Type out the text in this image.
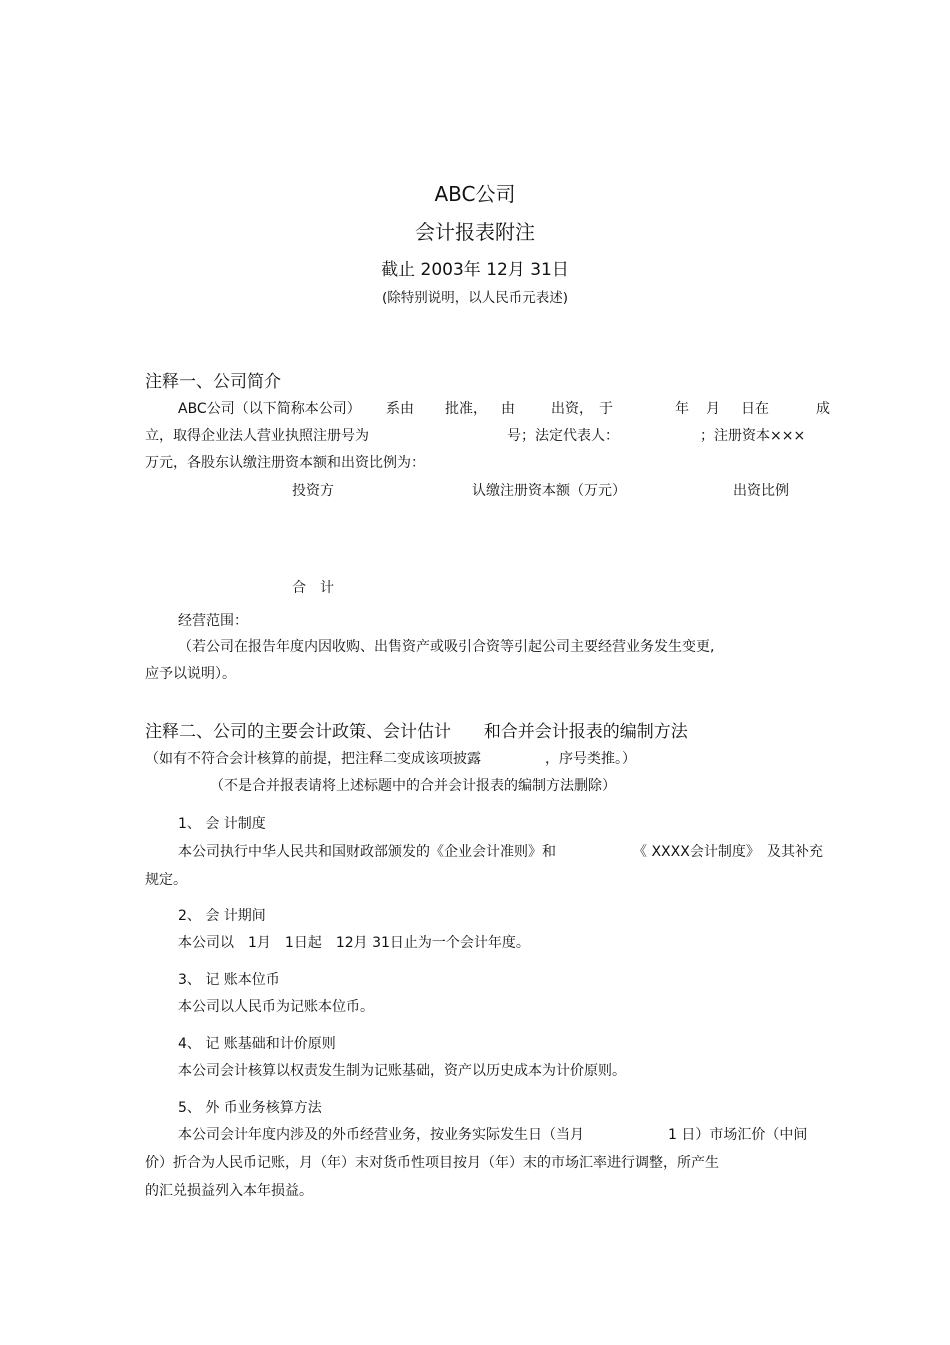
ABC公司
会计报表附注
截止 2003年 12月 31日
(除特别说明，以人民币元表述)
注释一、公司简介
ABC公司（以下简称本公司） 系由 批准， 由	出资， 于	年 月 日在	成
立，取得企业法人营业执照注册号为	号；法定代表人：	；注册资本×××
万元，各股东认缴注册资本额和出资比例为：
投资方	认缴注册资本额（万元）	出资比例
合　计
经营范围：
（若公司在报告年度内因收购、出售资产或吸引合资等引起公司主要经营业务发生变更,
应予以说明）。
注释二、公司的主要会计政策、会计估计 和合并会计报表的编制方法
（如有不符合会计核算的前提，把注释二变成该项披露	，序号类推。）
（不是合并报表请将上述标题中的合并会计报表的编制方法删除）
1、 会 计制度
本公司执行中华人民共和国财政部颁发的《企业会计准则》和	《 XXXX会计制度》 及其补充
规定。
2、 会 计期间
本公司以　1月　1日起　12月 31日止为一个会计年度。
3、 记 账本位币
本公司以人民币为记账本位币。
4、 记 账基础和计价原则
本公司会计核算以权责发生制为记账基础，资产以历史成本为计价原则。
5、 外 币业务核算方法
本公司会计年度内涉及的外币经营业务，按业务实际发生日（当月	1 日）市场汇价（中间
价）折合为人民币记账，月（年）末对货币性项目按月（年）末的市场汇率进行调整，所产生
的汇兑损益列入本年损益。
